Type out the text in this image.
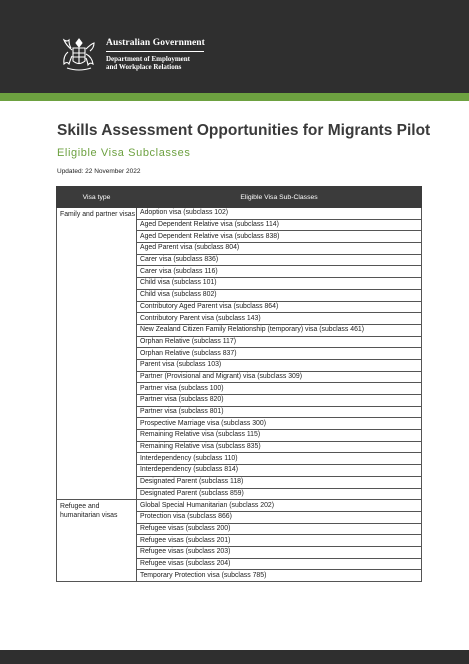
Australian Government
Department of Employment
and Workplace Relations
Skills Assessment Opportunities for Migrants Pilot
Eligible Visa Subclasses
Updated: 22 November 2022
Visa type	Eligible Visa Sub-Classes
Family and partner visas	Adoption visa (subclass 102)
	Aged Dependent Relative visa (subclass 114)
	Aged Dependent Relative visa (subclass 838)
	Aged Parent visa (subclass 804)
	Carer visa (subclass 836)
	Carer visa (subclass 116)
	Child visa (subclass 101)
	Child visa (subclass 802)
	Contributory Aged Parent visa (subclass 864)
	Contributory Parent visa (subclass 143)
	New Zealand Citizen Family Relationship (temporary) visa (subclass 461)
	Orphan Relative (subclass 117)
	Orphan Relative (subclass 837)
	Parent visa (subclass 103)
	Partner (Provisional and Migrant) visa (subclass 309)
	Partner visa (subclass 100)
	Partner visa (subclass 820)
	Partner visa (subclass 801)
	Prospective Marriage visa (subclass 300)
	Remaining Relative visa (subclass 115)
	Remaining Relative visa (subclass 835)
	Interdependency (subclass 110)
	Interdependency (subclass 814)
	Designated Parent (subclass 118)
	Designated Parent (subclass 859)
Refugee and humanitarian visas	Global Special Humanitarian (subclass 202)
	Protection visa (subclass 866)
	Refugee visas (subclass 200)
	Refugee visas (subclass 201)
	Refugee visas (subclass 203)
	Refugee visas (subclass 204)
	Temporary Protection visa (subclass 785)
